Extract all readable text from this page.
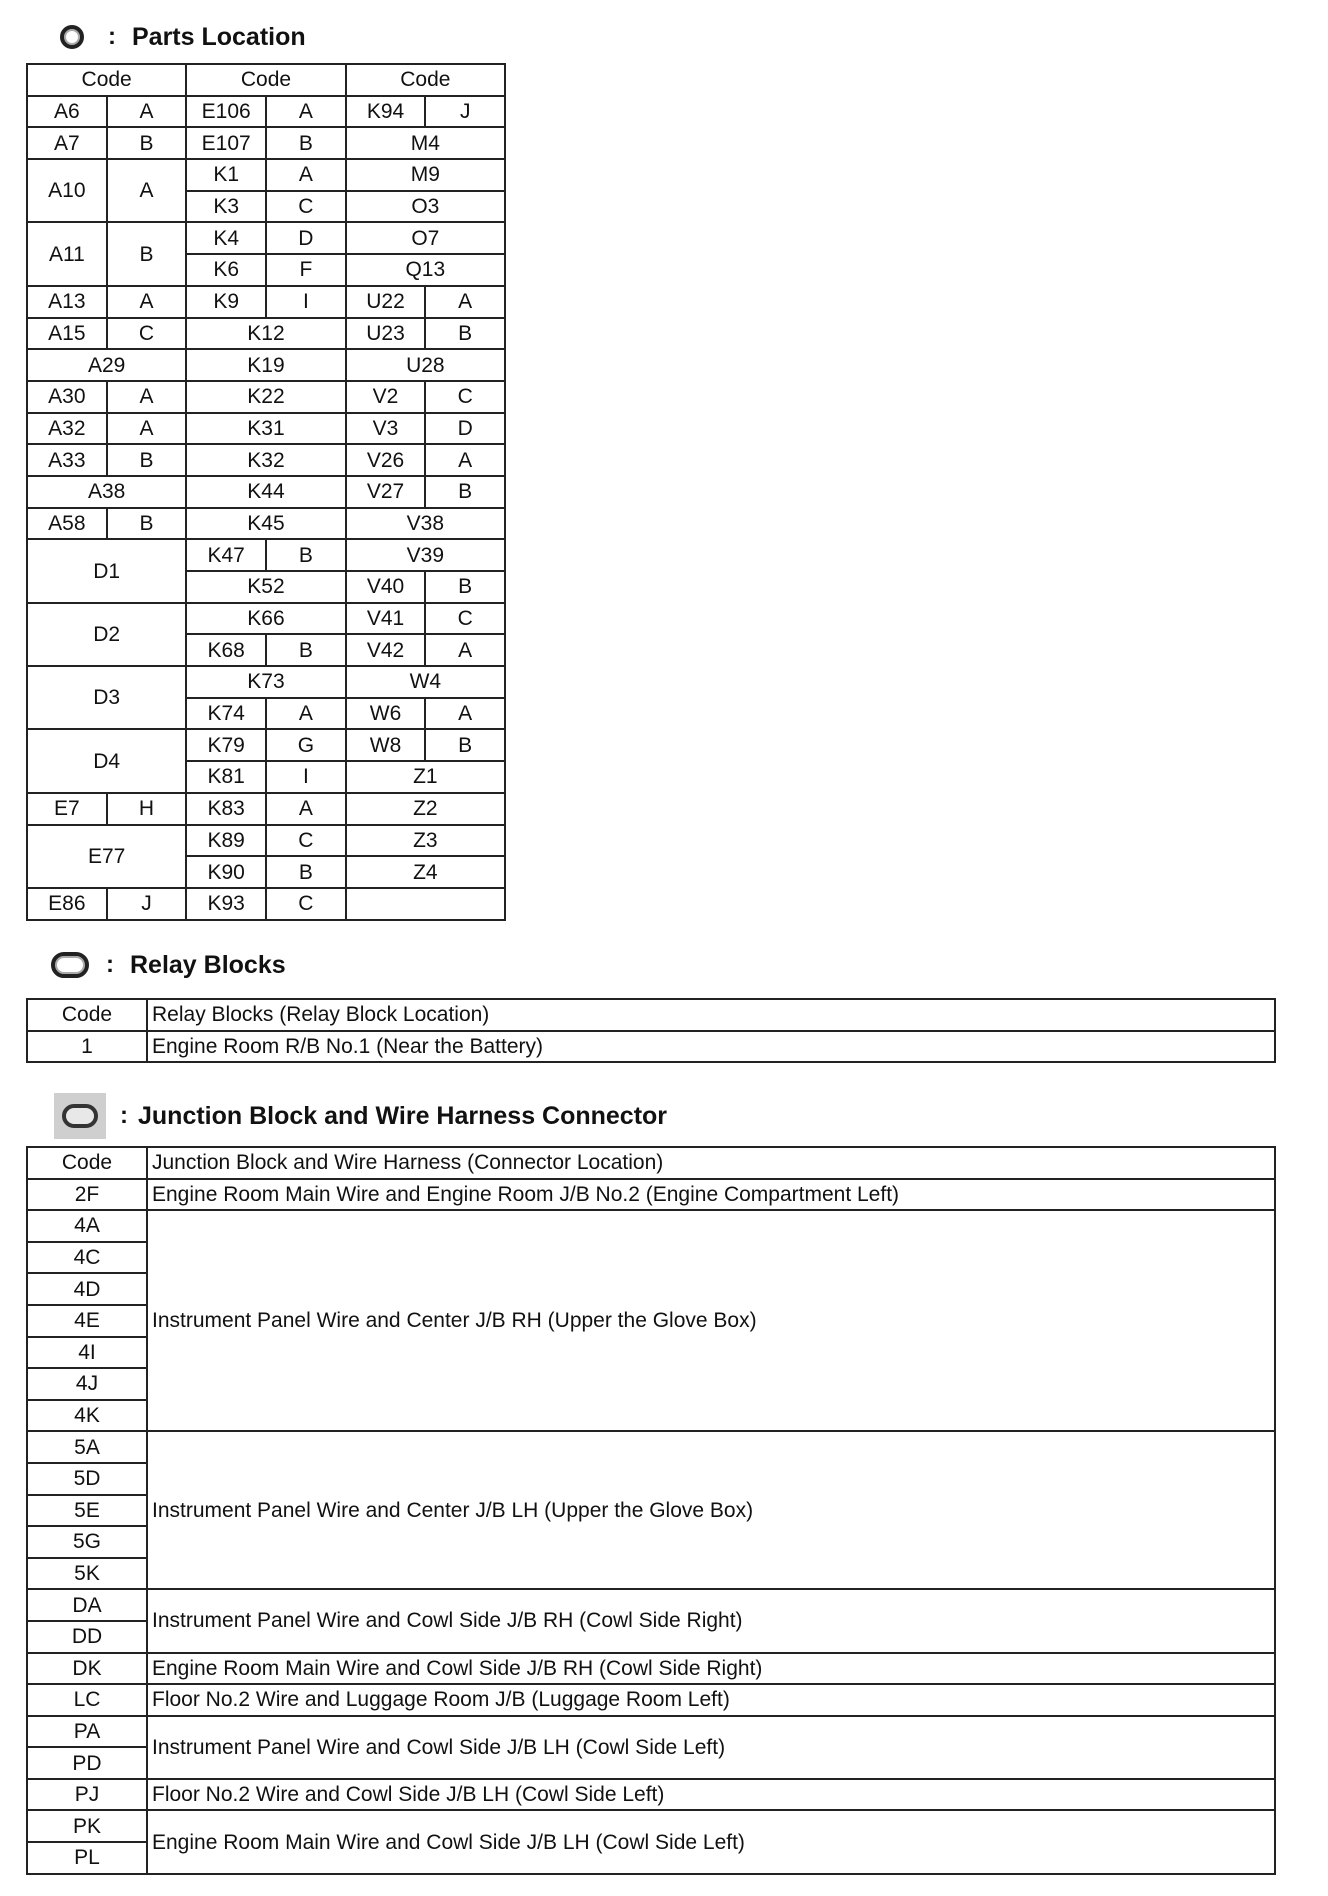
: Parts Location
Code		Code		Code	
A6	A	E106	A	K94	J
A7	B	E107	B	M4	
A10	A	K1	A	M9	
		K3	C	O3	
A11	B	K4	D	O7	
		K6	F	Q13	
A13	A	K9	I	U22	A
A15	C	K12		U23	B
A29		K19		U28	
A30	A	K22		V2	C
A32	A	K31		V3	D
A33	B	K32		V26	A
A38		K44		V27	B
A58	B	K45		V38	
D1		K47	B	V39	
		K52		V40	B
D2		K66		V41	C
		K68	B	V42	A
D3		K73		W4	
		K74	A	W6	A
D4		K79	G	W8	B
		K81	I	Z1	
E7	H	K83	A	Z2	
E77		K89	C	Z3	
		K90	B	Z4	
E86	J	K93	C		
: Relay Blocks
Code	Relay Blocks (Relay Block Location)
1	Engine Room R/B No.1 (Near the Battery)
: Junction Block and Wire Harness Connector
Code	Junction Block and Wire Harness (Connector Location)
2F	Engine Room Main Wire and Engine Room J/B No.2 (Engine Compartment Left)
4A	Instrument Panel Wire and Center J/B RH (Upper the Glove Box)
4C	
4D	
4E	
4I	
4J	
4K	
5A	Instrument Panel Wire and Center J/B LH (Upper the Glove Box)
5D	
5E	
5G	
5K	
DA	Instrument Panel Wire and Cowl Side J/B RH (Cowl Side Right)
DD	
DK	Engine Room Main Wire and Cowl Side J/B RH (Cowl Side Right)
LC	Floor No.2 Wire and Luggage Room J/B (Luggage Room Left)
PA	Instrument Panel Wire and Cowl Side J/B LH (Cowl Side Left)
PD	
PJ	Floor No.2 Wire and Cowl Side J/B LH (Cowl Side Left)
PK	Engine Room Main Wire and Cowl Side J/B LH (Cowl Side Left)
PL	
